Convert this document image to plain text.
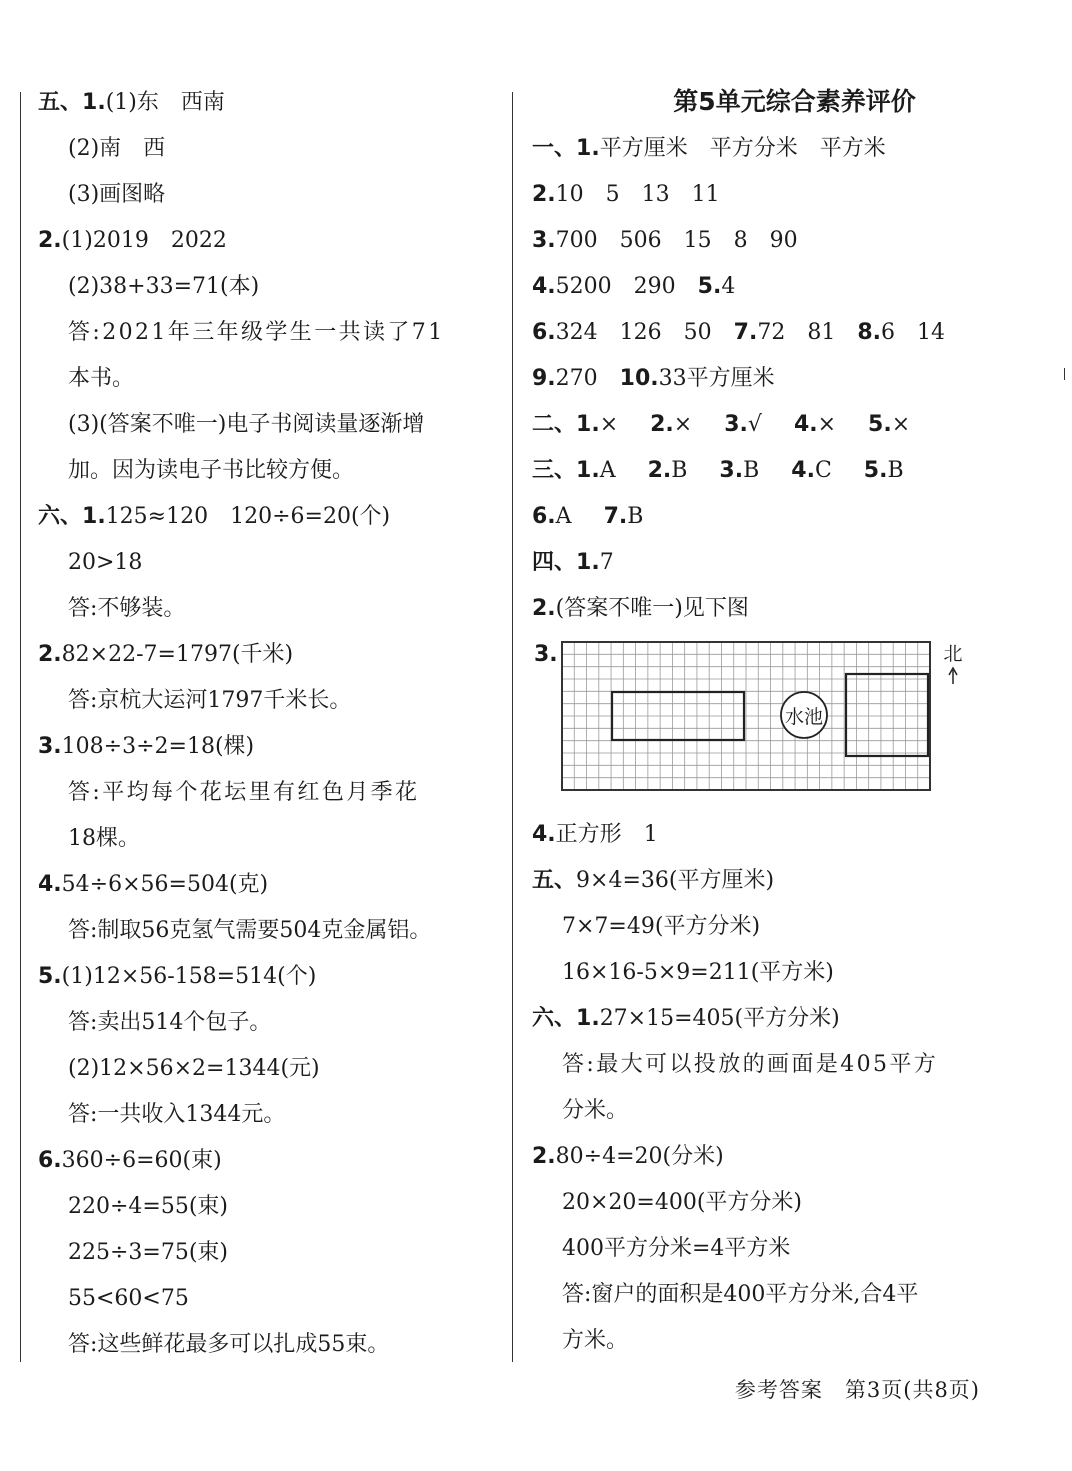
五、1.(1)东 西南
(2)南 西
(3)画图略
2.(1)2019 2022
(2)38+33=71(本)
答:2021年三年级学生一共读了71
本书。
(3)(答案不唯一)电子书阅读量逐渐增
加。因为读电子书比较方便。
六、1.125≈120 120÷6=20(个)
20>18
答:不够装。
2.82×22-7=1797(千米)
答:京杭大运河1797千米长。
3.108÷3÷2=18(棵)
答:平均每个花坛里有红色月季花
18棵。
4.54÷6×56=504(克)
答:制取56克氢气需要504克金属铝。
5.(1)12×56-158=514(个)
答:卖出514个包子。
(2)12×56×2=1344(元)
答:一共收入1344元。
6.360÷6=60(束)
220÷4=55(束)
225÷3=75(束)
55<60<75
答:这些鲜花最多可以扎成55束。
第5单元综合素养评价
一、1.平方厘米 平方分米 平方米
2.10 5 13 11
3.700 506 15 8 90
4.5200 290 5.4
6.324 126 50 7.72 81 8.6 14
9.270 10.33平方厘米
二、1.× 2.× 3.√ 4.× 5.×
三、1.A 2.B 3.B 4.C 5.B
6.A 7.B
四、1.7
2.(答案不唯一)见下图
3.
水池
北
4.正方形 1
五、9×4=36(平方厘米)
7×7=49(平方分米)
16×16-5×9=211(平方米)
六、1.27×15=405(平方分米)
答:最大可以投放的画面是405平方
分米。
2.80÷4=20(分米)
20×20=400(平方分米)
400平方分米=4平方米
答:窗户的面积是400平方分米,合4平
方米。
参考答案　第3页(共8页)
